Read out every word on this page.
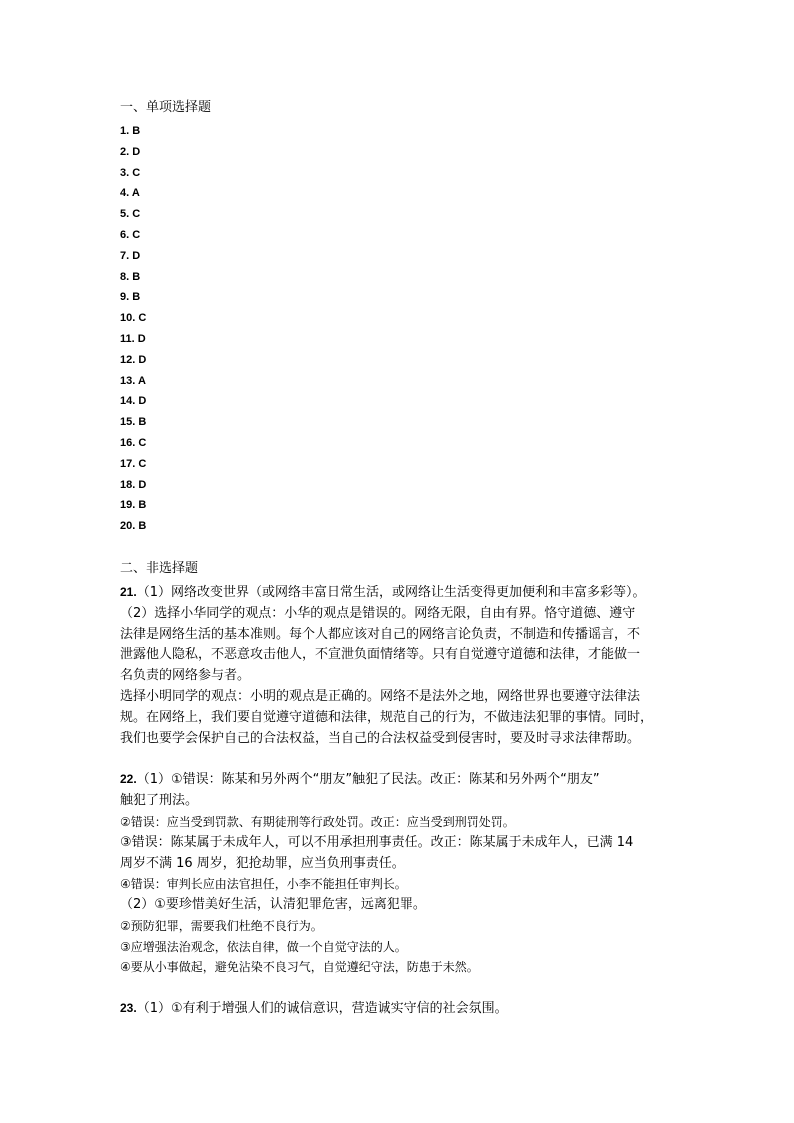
一、单项选择题
1. B
2. D
3. C
4. A
5. C
6. C
7. D
8. B
9. B
10. C
11. D
12. D
13. A
14. D
15. B
16. C
17. C
18. D
19. B
20. B
二、非选择题
21.（1）网络改变世界（或网络丰富日常生活，或网络让生活变得更加便利和丰富多彩等）。
（2）选择小华同学的观点：小华的观点是错误的。网络无限，自由有界。恪守道德、遵守
法律是网络生活的基本准则。每个人都应该对自己的网络言论负责，不制造和传播谣言，不
泄露他人隐私，不恶意攻击他人，不宣泄负面情绪等。只有自觉遵守道德和法律，才能做一
名负责的网络参与者。
选择小明同学的观点：小明的观点是正确的。网络不是法外之地，网络世界也要遵守法律法
规。在网络上，我们要自觉遵守道德和法律，规范自己的行为，不做违法犯罪的事情。同时，
我们也要学会保护自己的合法权益，当自己的合法权益受到侵害时，要及时寻求法律帮助。
22.（1）①错误：陈某和另外两个“朋友”触犯了民法。改正：陈某和另外两个“朋友”
触犯了刑法。
②错误：应当受到罚款、有期徒刑等行政处罚。改正：应当受到刑罚处罚。
③错误：陈某属于未成年人，可以不用承担刑事责任。改正：陈某属于未成年人，已满 14
周岁不满 16 周岁，犯抢劫罪，应当负刑事责任。
④错误：审判长应由法官担任，小李不能担任审判长。
（2）①要珍惜美好生活，认清犯罪危害，远离犯罪。
②预防犯罪，需要我们杜绝不良行为。
③应增强法治观念，依法自律，做一个自觉守法的人。
④要从小事做起，避免沾染不良习气，自觉遵纪守法，防患于未然。
23.（1）①有利于增强人们的诚信意识，营造诚实守信的社会氛围。
